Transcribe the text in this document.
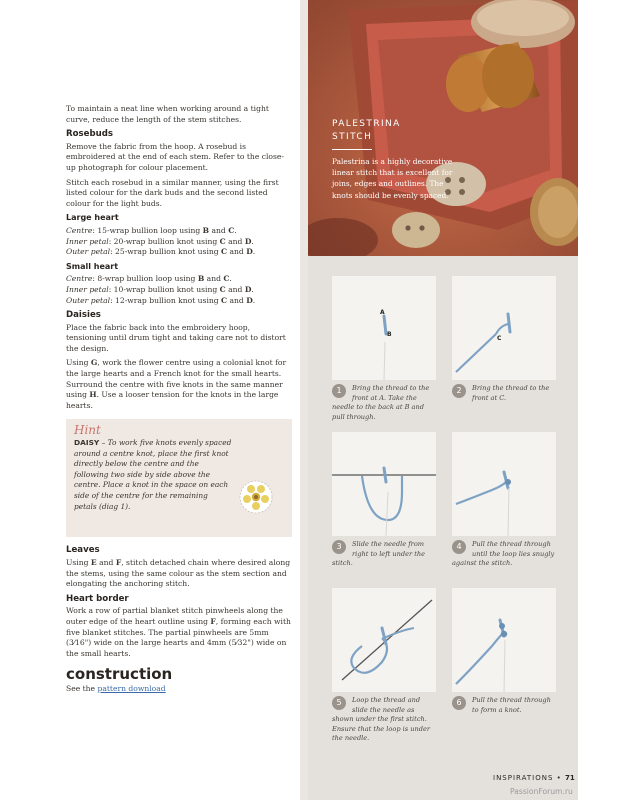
To maintain a neat line when working around a tight curve, reduce the length of the stem stitches.

Rosebuds

Remove the fabric from the hoop. A rosebud is embroidered at the end of each stem. Refer to the close-up photograph for colour placement.

Stitch each rosebud in a similar manner, using the first listed colour for the dark buds and the second listed colour for the light buds.

Large heart

Centre: 15-wrap bullion loop using B and C.

Inner petal: 20-wrap bullion knot using C and D.

Outer petal: 25-wrap bullion knot using C and D.

Small heart

Centre: 8-wrap bullion loop using B and C.

Inner petal: 10-wrap bullion knot using C and D.

Outer petal: 12-wrap bullion knot using C and D.

Daisies

Place the fabric back into the embroidery hoop, tensioning until drum tight and taking care not to distort the design.

Using G, work the flower centre using a colonial knot for the large hearts and a French knot for the small hearts. Surround the centre with five knots in the same manner using H. Use a looser tension for the knots in the large hearts.

Hint
DAISY – To work five knots evenly spaced around a centre knot, place the first knot directly below the centre and the following two side by side above the centre. Place a knot in the space on each side of the centre for the remaining petals (diag 1).
Leaves

Using E and F, stitch detached chain where desired along the stems, using the same colour as the stem section and elongating the anchoring stitch.

Heart border

Work a row of partial blanket stitch pinwheels along the outer edge of the heart outline using F, forming each with five blanket stitches. The partial pinwheels are 5mm (3⁄16") wide on the large hearts and 4mm (5⁄32") wide on the small hearts.

construction

See the pattern download

PALESTRINA
STITCH
Palestrina is a highly decorative linear stitch that is excellent for joins, edges and outlines. The knots should be evenly spaced.
A
B
1	Bring the thread to the front at A. Take the needle to the back at B and pull through.
C
2	Bring the thread to the front at C.
3	Slide the needle from right to left under the stitch.
4	Pull the thread through until the loop lies snugly against the stitch.
5	Loop the thread and slide the needle as shown under the first stitch. Ensure that the loop is under the needle.
6	Pull the thread through to form a knot.
INSPIRATIONS • 71
PassionForum.ru
